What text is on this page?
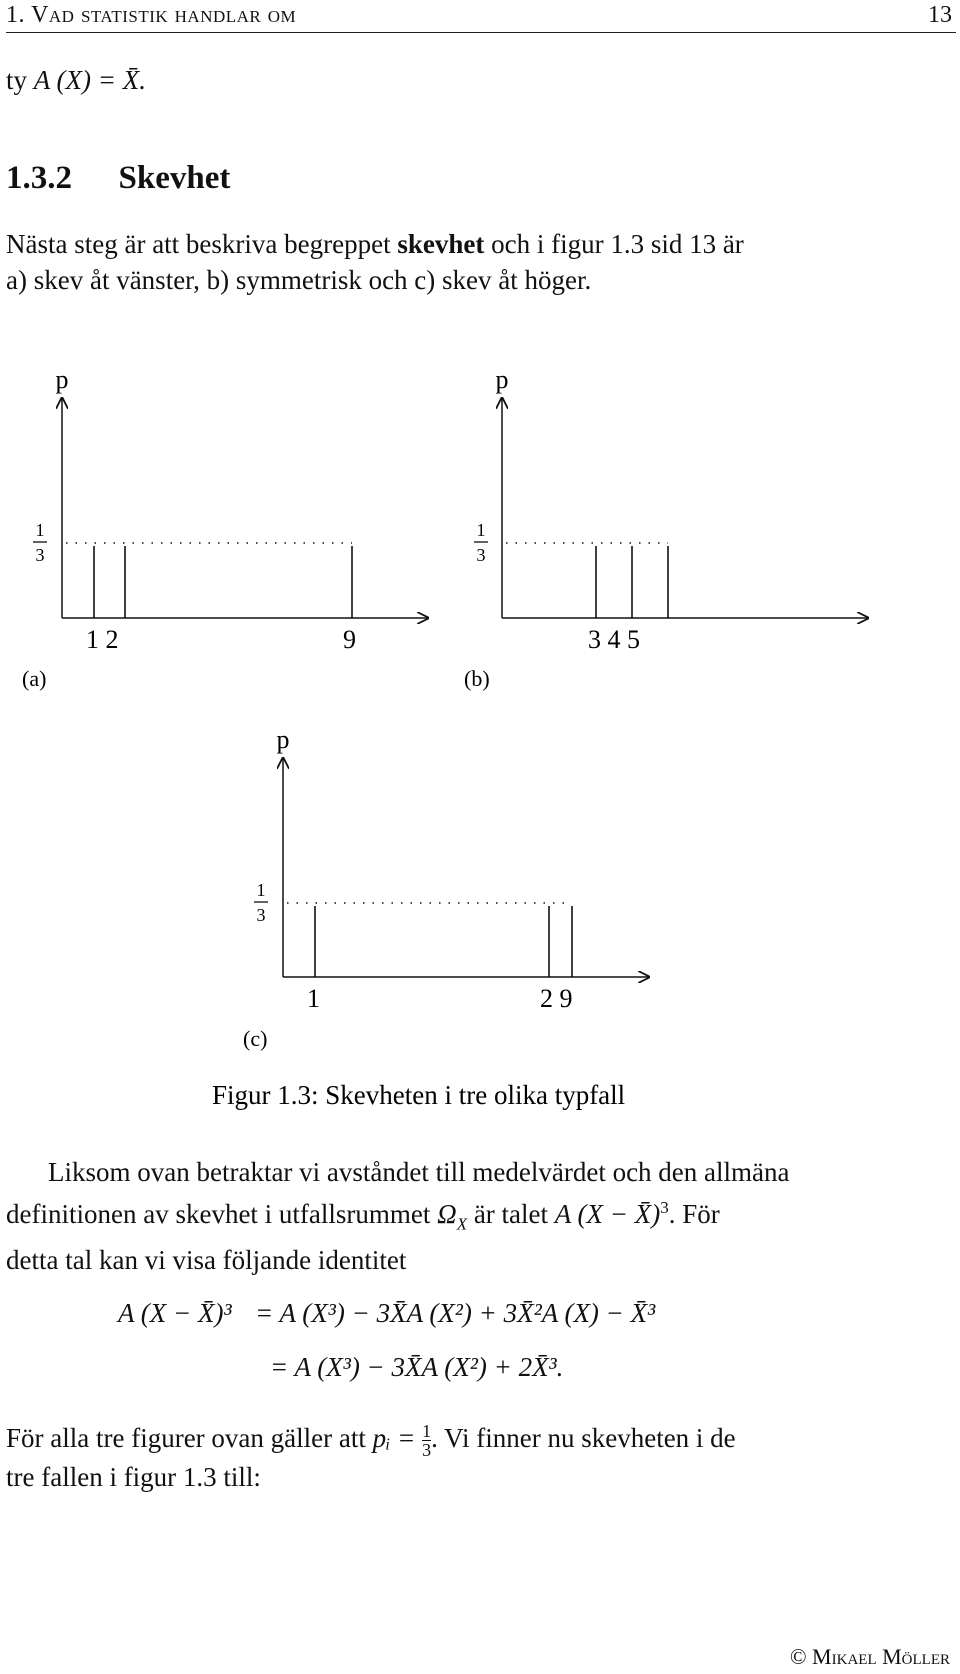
1. Vad statistik handlar om	13
ty A (X) = X̄.
1.3.2 Skevhet
Nästa steg är att beskriva begreppet skevhet och i figur 1.3 sid 13 är
a) skev åt vänster, b) symmetrisk och c) skev åt höger.
p
1
3
1 2	9
(a)
p
1
3
3 4 5
(b)
p
1
3
1	2 9
(c)
Figur 1.3: Skevheten i tre olika typfall
Liksom ovan betraktar vi avståndet till medelvärdet och den allmäna
definitionen av skevhet i utfallsrummet $\Omega_X$ är talet A (X − X̄)$^3$. För
detta tal kan vi visa följande identitet
A (X − X̄)³ = A (X³) − 3X̄A (X²) + 3X̄²A (X) − X̄³
= A (X³) − 3X̄A (X²) + 2X̄³.
För alla tre figurer ovan gäller att pᵢ = $\frac{1}{3}$ . Vi finner nu skevheten i de
tre fallen i figur 1.3 till:
© Mikael Möller
